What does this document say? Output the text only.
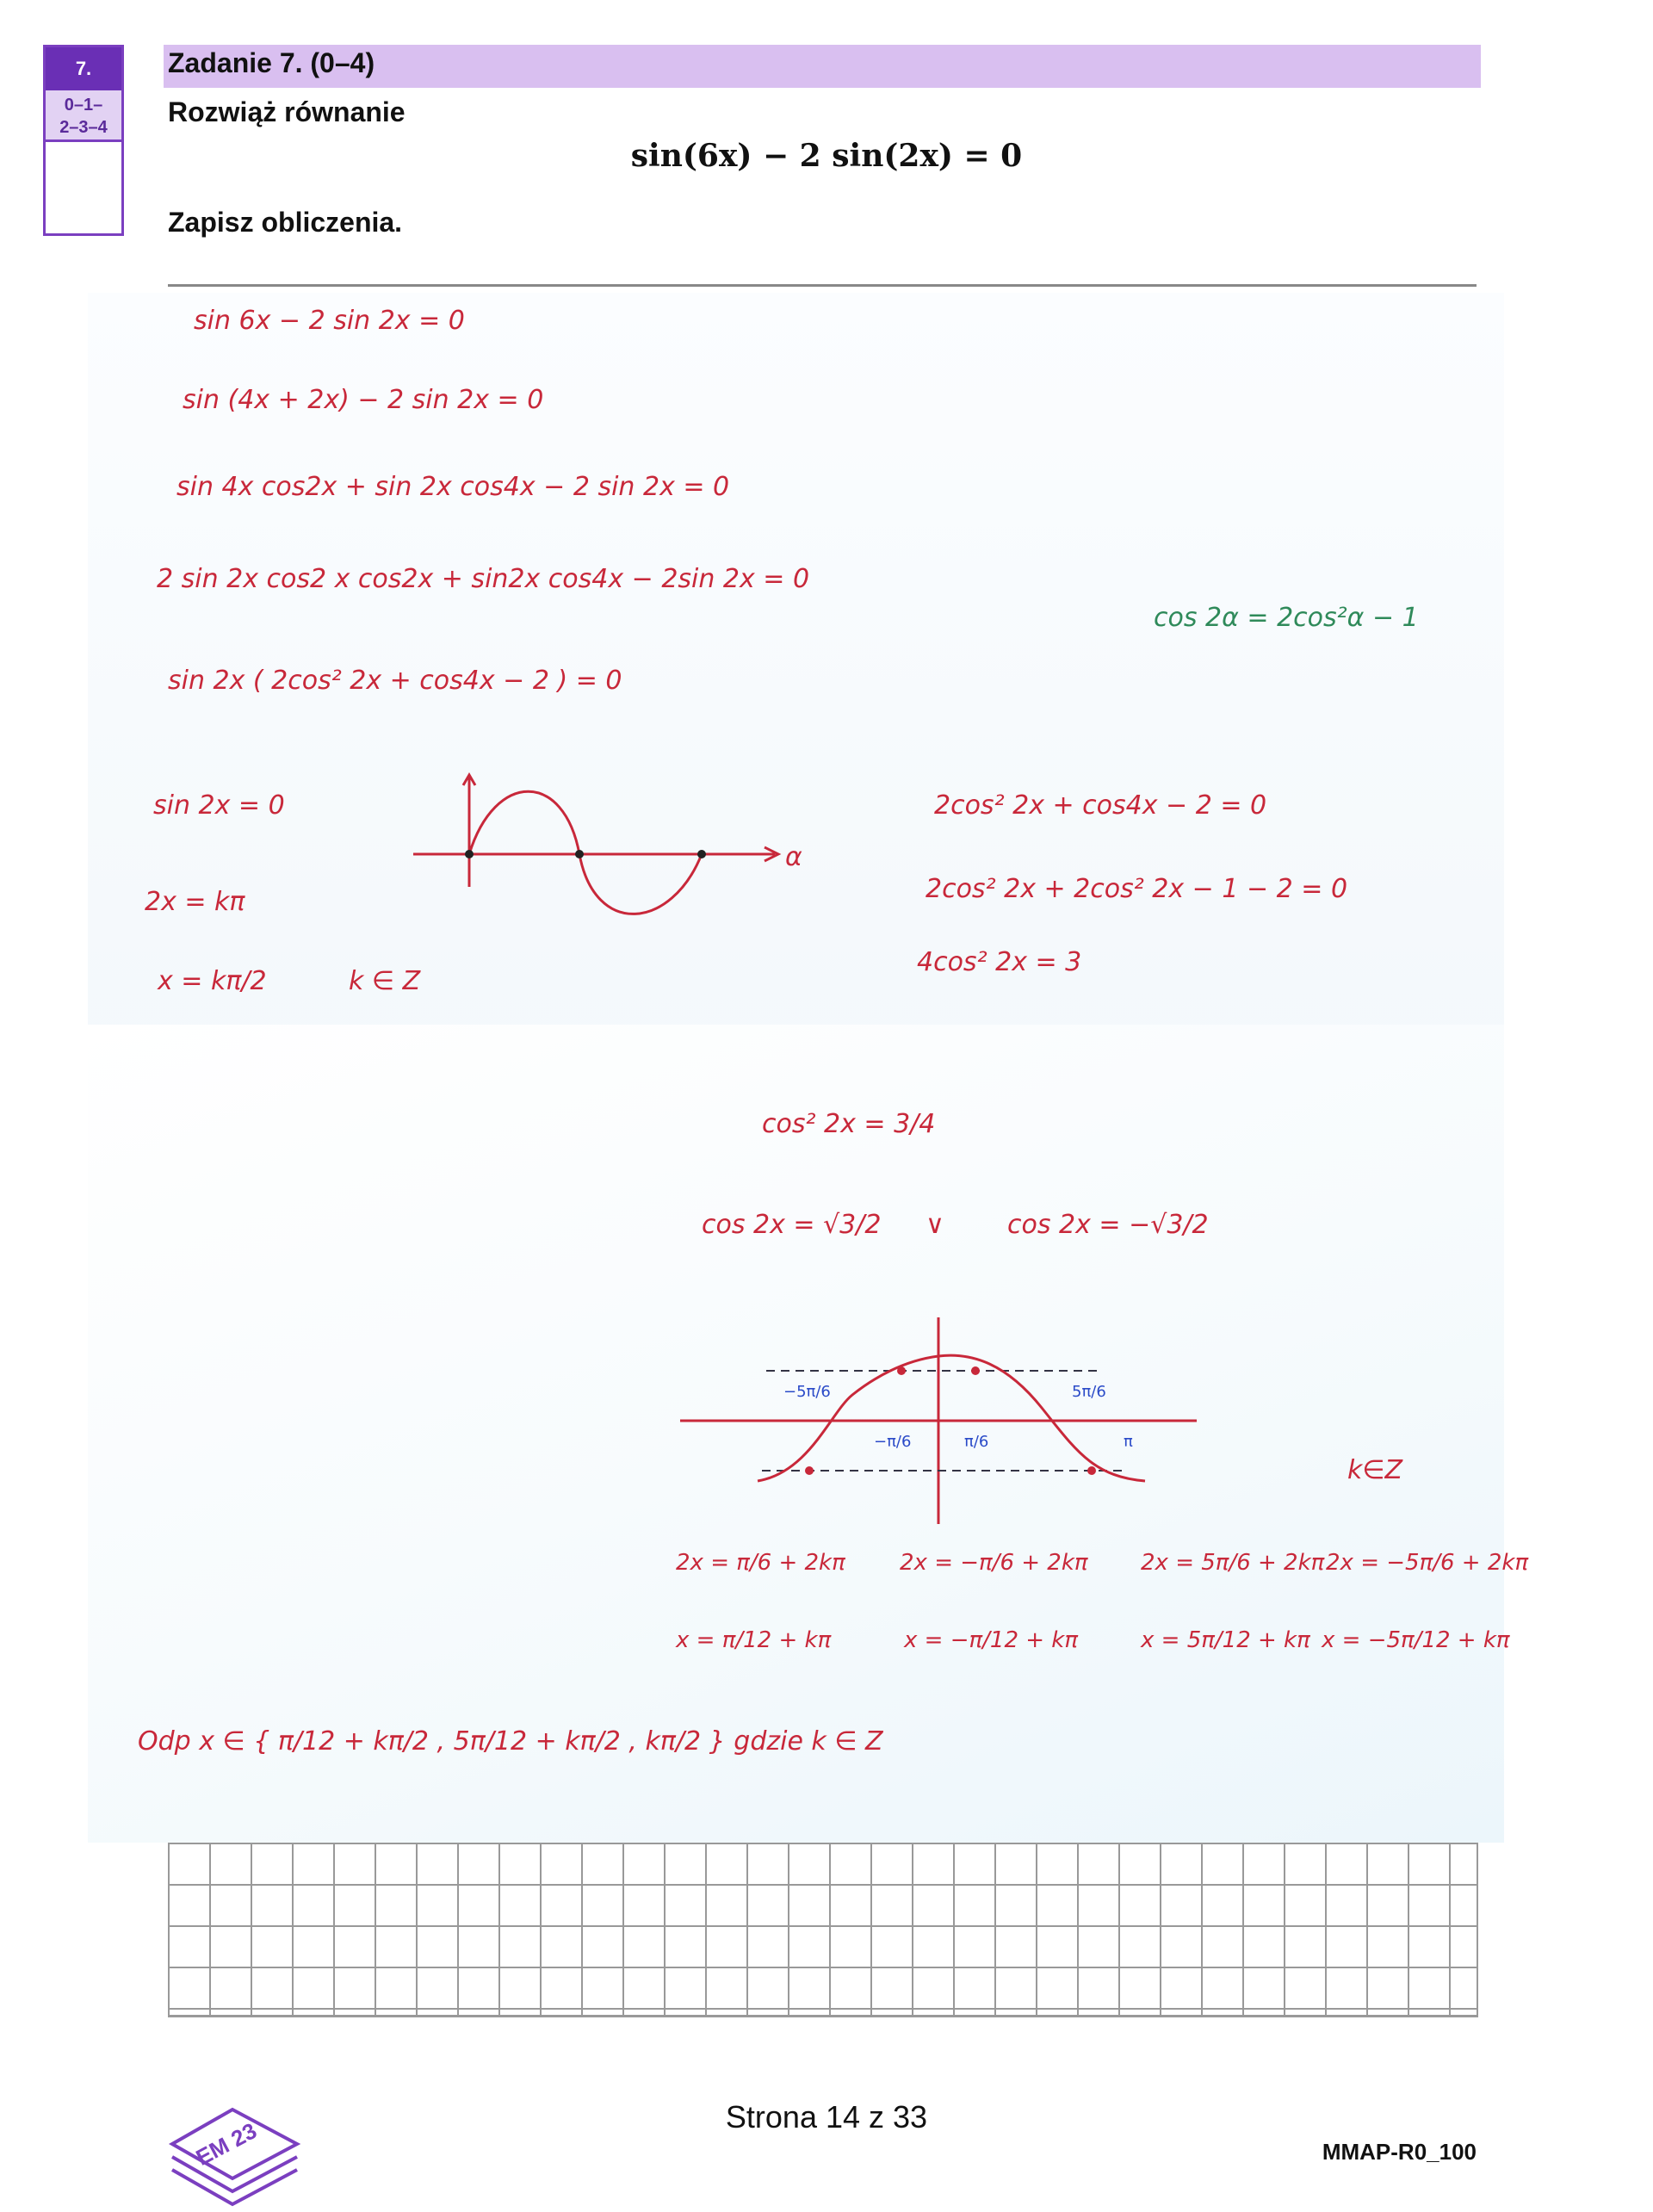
7.
0–1–
2–3–4
Zadanie 7. (0–4)
Rozwiąż równanie
sin(6x) − 2 sin(2x) = 0
Zapisz obliczenia.
sin 6x − 2 sin 2x = 0
sin (4x + 2x) − 2 sin 2x = 0
sin 4x cos2x + sin 2x cos4x − 2 sin 2x = 0
2 sin 2x cos2 x cos2x + sin2x cos4x − 2sin 2x = 0
cos 2α = 2cos²α − 1
sin 2x ( 2cos² 2x + cos4x − 2 ) = 0
sin 2x = 0
2x = kπ
x = kπ/2	k ∈ Z
α
2cos² 2x + cos4x − 2 = 0
2cos² 2x + 2cos² 2x − 1 − 2 = 0
4cos² 2x = 3
cos² 2x = 3/4
cos 2x = √3/2 ∨ cos 2x = −√3/2
−5π/6
−π/6	π/6
5π/6
π
k∈Z
2x = π/6 + 2kπ 2x = −π/6 + 2kπ 2x = 5π/6 + 2kπ 2x = −5π/6 + 2kπ
x = π/12 + kπ	x = −π/12 + kπ	x = 5π/12 + kπ x = −5π/12 + kπ
Odp x ∈ { π/12 + kπ/2 , 5π/12 + kπ/2 , kπ/2 } gdzie k ∈ Z
EM 23
Strona 14 z 33
MMAP-R0_100
